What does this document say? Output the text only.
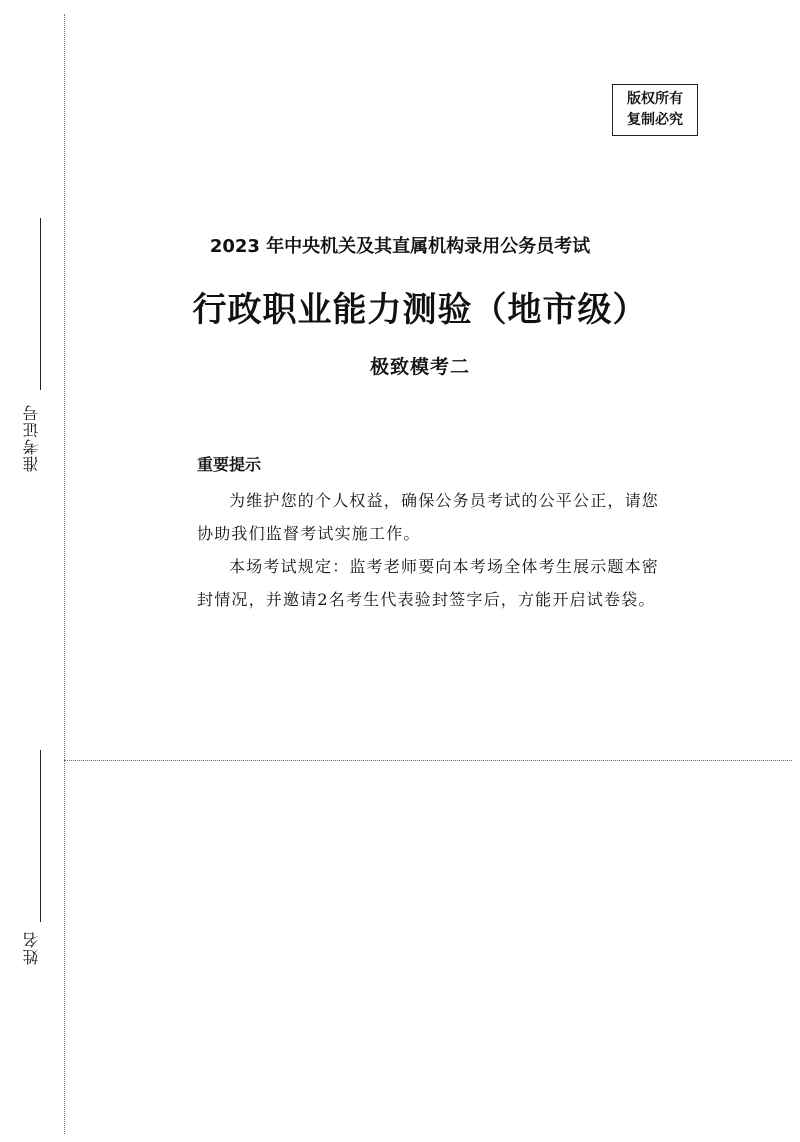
准考证号
姓名
版权所有
复制必究
2023 年中央机关及其直属机构录用公务员考试
行政职业能力测验（地市级）
极致模考二
重要提示

为维护您的个人权益，确保公务员考试的公平公正，请您协助我们监督考试实施工作。

本场考试规定：监考老师要向本考场全体考生展示题本密封情况，并邀请2名考生代表验封签字后，方能开启试卷袋。
